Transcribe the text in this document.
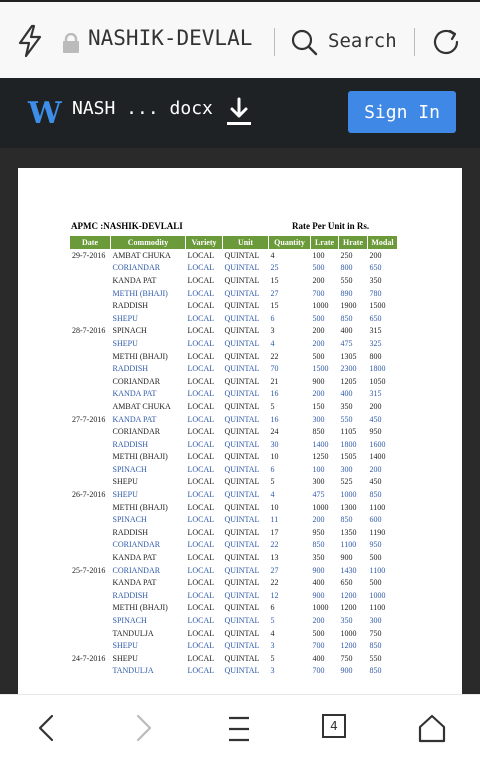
NASHIK-DEVLAL	Search
W NASH ... docx	Sign In
APMC :NASHIK-DEVLALI	Rate Per Unit in Rs.
Date	Commodity	Variety	Unit	Quantity	Lrate	Hrate	Modal
29-7-2016	AMBAT CHUKA	LOCAL	QUINTAL	4	100	250	200
	CORIANDAR	LOCAL	QUINTAL	25	500	800	650
	KANDA PAT	LOCAL	QUINTAL	15	200	550	350
	METHI (BHAJI)	LOCAL	QUINTAL	27	700	890	780
	RADDISH	LOCAL	QUINTAL	15	1000	1900	1500
	SHEPU	LOCAL	QUINTAL	6	500	850	650
28-7-2016	SPINACH	LOCAL	QUINTAL	3	200	400	315
	SHEPU	LOCAL	QUINTAL	4	200	475	325
	METHI (BHAJI)	LOCAL	QUINTAL	22	500	1305	800
	RADDISH	LOCAL	QUINTAL	70	1500	2300	1800
	CORIANDAR	LOCAL	QUINTAL	21	900	1205	1050
	KANDA PAT	LOCAL	QUINTAL	16	200	400	315
	AMBAT CHUKA	LOCAL	QUINTAL	5	150	350	200
27-7-2016	KANDA PAT	LOCAL	QUINTAL	16	300	550	450
	CORIANDAR	LOCAL	QUINTAL	24	850	1105	950
	RADDISH	LOCAL	QUINTAL	30	1400	1800	1600
	METHI (BHAJI)	LOCAL	QUINTAL	10	1250	1505	1400
	SPINACH	LOCAL	QUINTAL	6	100	300	200
	SHEPU	LOCAL	QUINTAL	5	300	525	450
26-7-2016	SHEPU	LOCAL	QUINTAL	4	475	1000	850
	METHI (BHAJI)	LOCAL	QUINTAL	10	1000	1300	1100
	SPINACH	LOCAL	QUINTAL	11	200	850	600
	RADDISH	LOCAL	QUINTAL	17	950	1350	1190
	CORIANDAR	LOCAL	QUINTAL	22	850	1100	950
	KANDA PAT	LOCAL	QUINTAL	13	350	900	500
25-7-2016	CORIANDAR	LOCAL	QUINTAL	27	900	1430	1100
	KANDA PAT	LOCAL	QUINTAL	22	400	650	500
	RADDISH	LOCAL	QUINTAL	12	900	1200	1000
	METHI (BHAJI)	LOCAL	QUINTAL	6	1000	1200	1100
	SPINACH	LOCAL	QUINTAL	5	200	350	300
	TANDULJA	LOCAL	QUINTAL	4	500	1000	750
	SHEPU	LOCAL	QUINTAL	3	700	1200	850
24-7-2016	SHEPU	LOCAL	QUINTAL	5	400	750	550
	TANDULJA	LOCAL	QUINTAL	3	700	900	850
4
